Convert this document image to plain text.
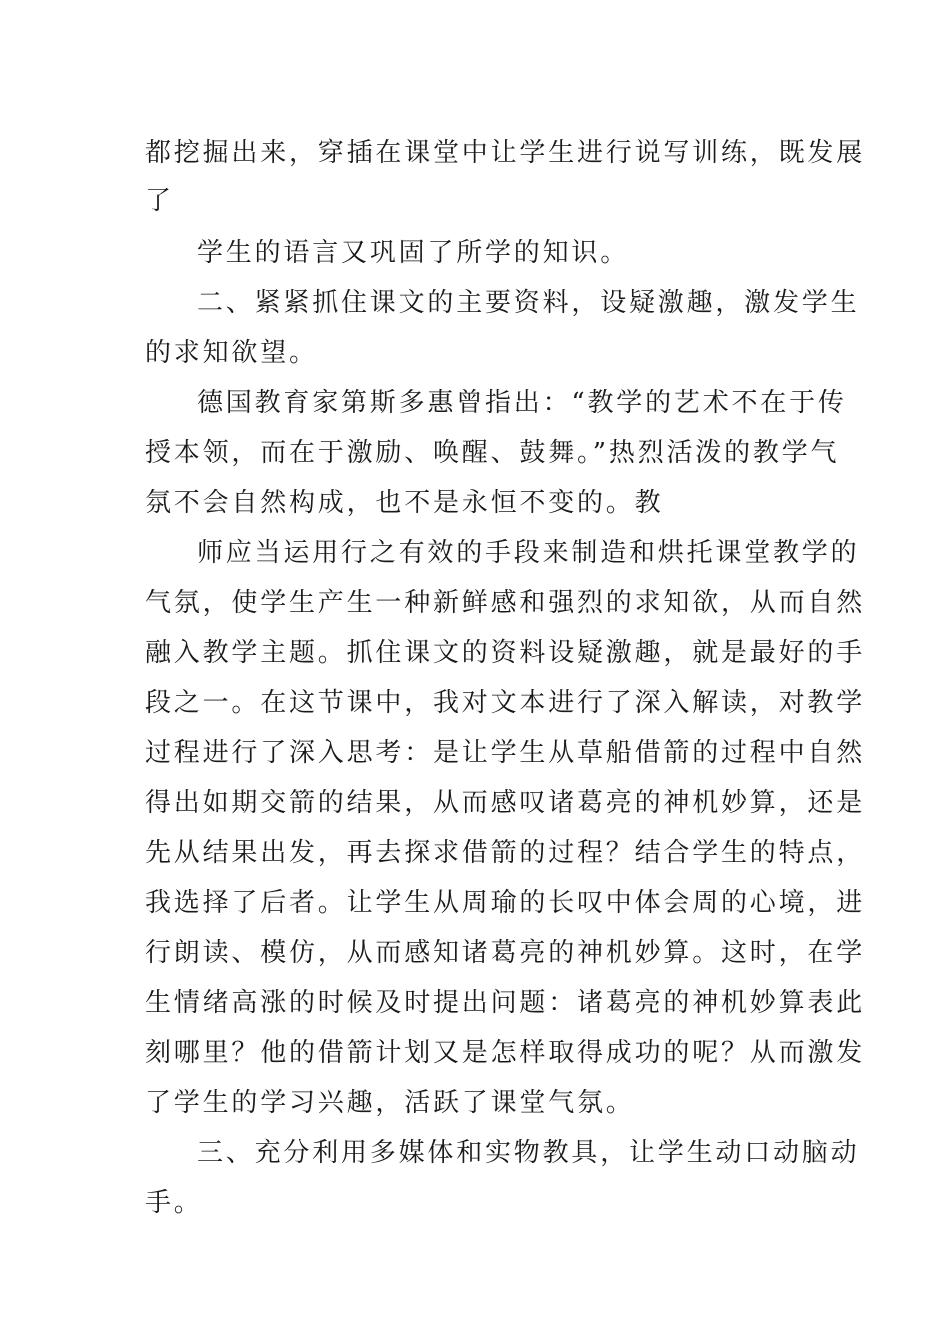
都挖掘出来，穿插在课堂中让学生进行说写训练，既发展
了
学生的语言又巩固了所学的知识。
二、紧紧抓住课文的主要资料，设疑激趣，激发学生
的求知欲望。
德国教育家第斯多惠曾指出：“教学的艺术不在于传
授本领，而在于激励、唤醒、鼓舞。”热烈活泼的教学气
氛不会自然构成，也不是永恒不变的。教
师应当运用行之有效的手段来制造和烘托课堂教学的
气氛，使学生产生一种新鲜感和强烈的求知欲，从而自然
融入教学主题。抓住课文的资料设疑激趣，就是最好的手
段之一。在这节课中，我对文本进行了深入解读，对教学
过程进行了深入思考：是让学生从草船借箭的过程中自然
得出如期交箭的结果，从而感叹诸葛亮的神机妙算，还是
先从结果出发，再去探求借箭的过程？结合学生的特点，
我选择了后者。让学生从周瑜的长叹中体会周的心境，进
行朗读、模仿，从而感知诸葛亮的神机妙算。这时，在学
生情绪高涨的时候及时提出问题：诸葛亮的神机妙算表此
刻哪里？他的借箭计划又是怎样取得成功的呢？从而激发
了学生的学习兴趣，活跃了课堂气氛。
三、充分利用多媒体和实物教具，让学生动口动脑动
手。
